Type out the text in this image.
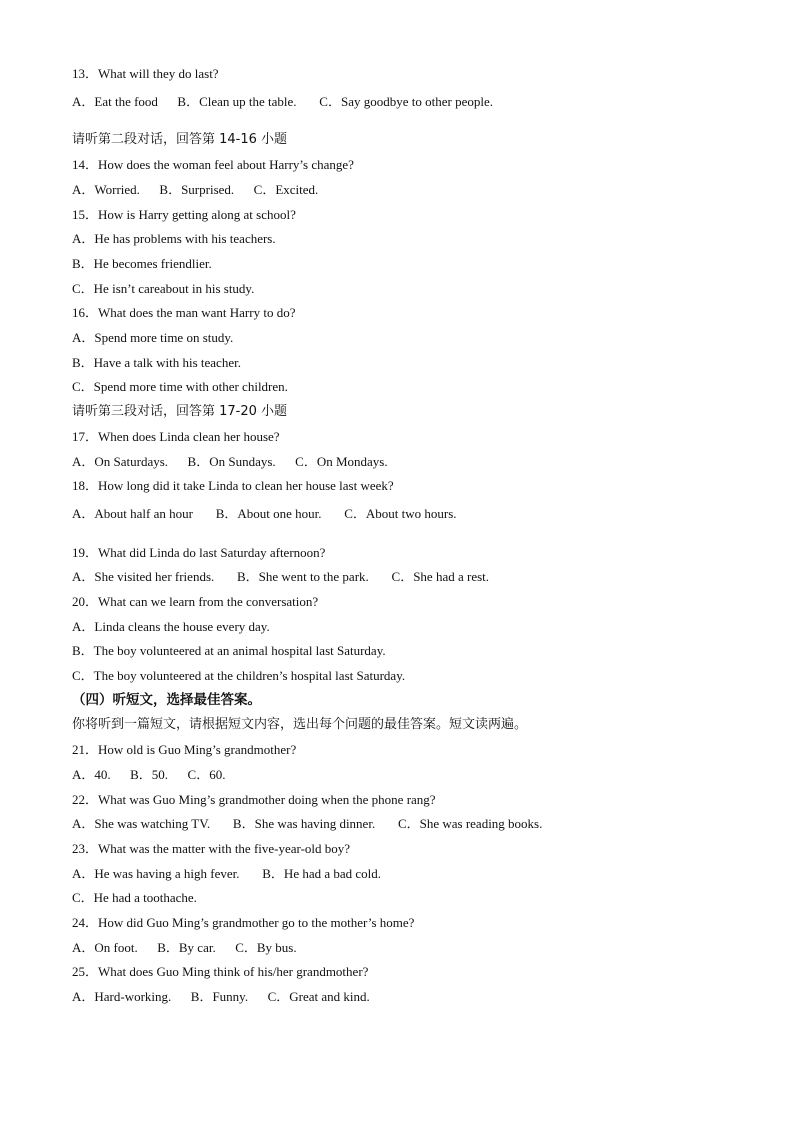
13．What will they do last?
A．Eat the food      B．Clean up the table.       C．Say goodbye to other people.
请听第二段对话，回答第 14-16 小题
14．How does the woman feel about Harry’s change?
A．Worried.      B．Surprised.      C．Excited.
15．How is Harry getting along at school?
A．He has problems with his teachers.
B．He becomes friendlier.
C．He isn’t careabout in his study.
16．What does the man want Harry to do?
A．Spend more time on study.
B．Have a talk with his teacher.
C．Spend more time with other children.
请听第三段对话，回答第 17-20 小题
17．When does Linda clean her house?
A．On Saturdays.      B．On Sundays.      C．On Mondays.
18．How long did it take Linda to clean her house last week?
A．About half an hour       B．About one hour.       C．About two hours.
19．What did Linda do last Saturday afternoon?
A．She visited her friends.       B．She went to the park.       C．She had a rest.
20．What can we learn from the conversation?
A．Linda cleans the house every day.
B．The boy volunteered at an animal hospital last Saturday.
C．The boy volunteered at the children’s hospital last Saturday.
（四）听短文，选择最佳答案。
你将听到一篇短文，请根据短文内容，选出每个问题的最佳答案。短文读两遍。
21．How old is Guo Ming’s grandmother?
A．40.      B．50.      C．60.
22．What was Guo Ming’s grandmother doing when the phone rang?
A．She was watching TV.       B．She was having dinner.       C．She was reading books.
23．What was the matter with the five-year-old boy?
A．He was having a high fever.       B．He had a bad cold.
C．He had a toothache.
24．How did Guo Ming’s grandmother go to the mother’s home?
A．On foot.      B．By car.      C．By bus.
25．What does Guo Ming think of his/her grandmother?
A．Hard-working.      B．Funny.      C．Great and kind.
